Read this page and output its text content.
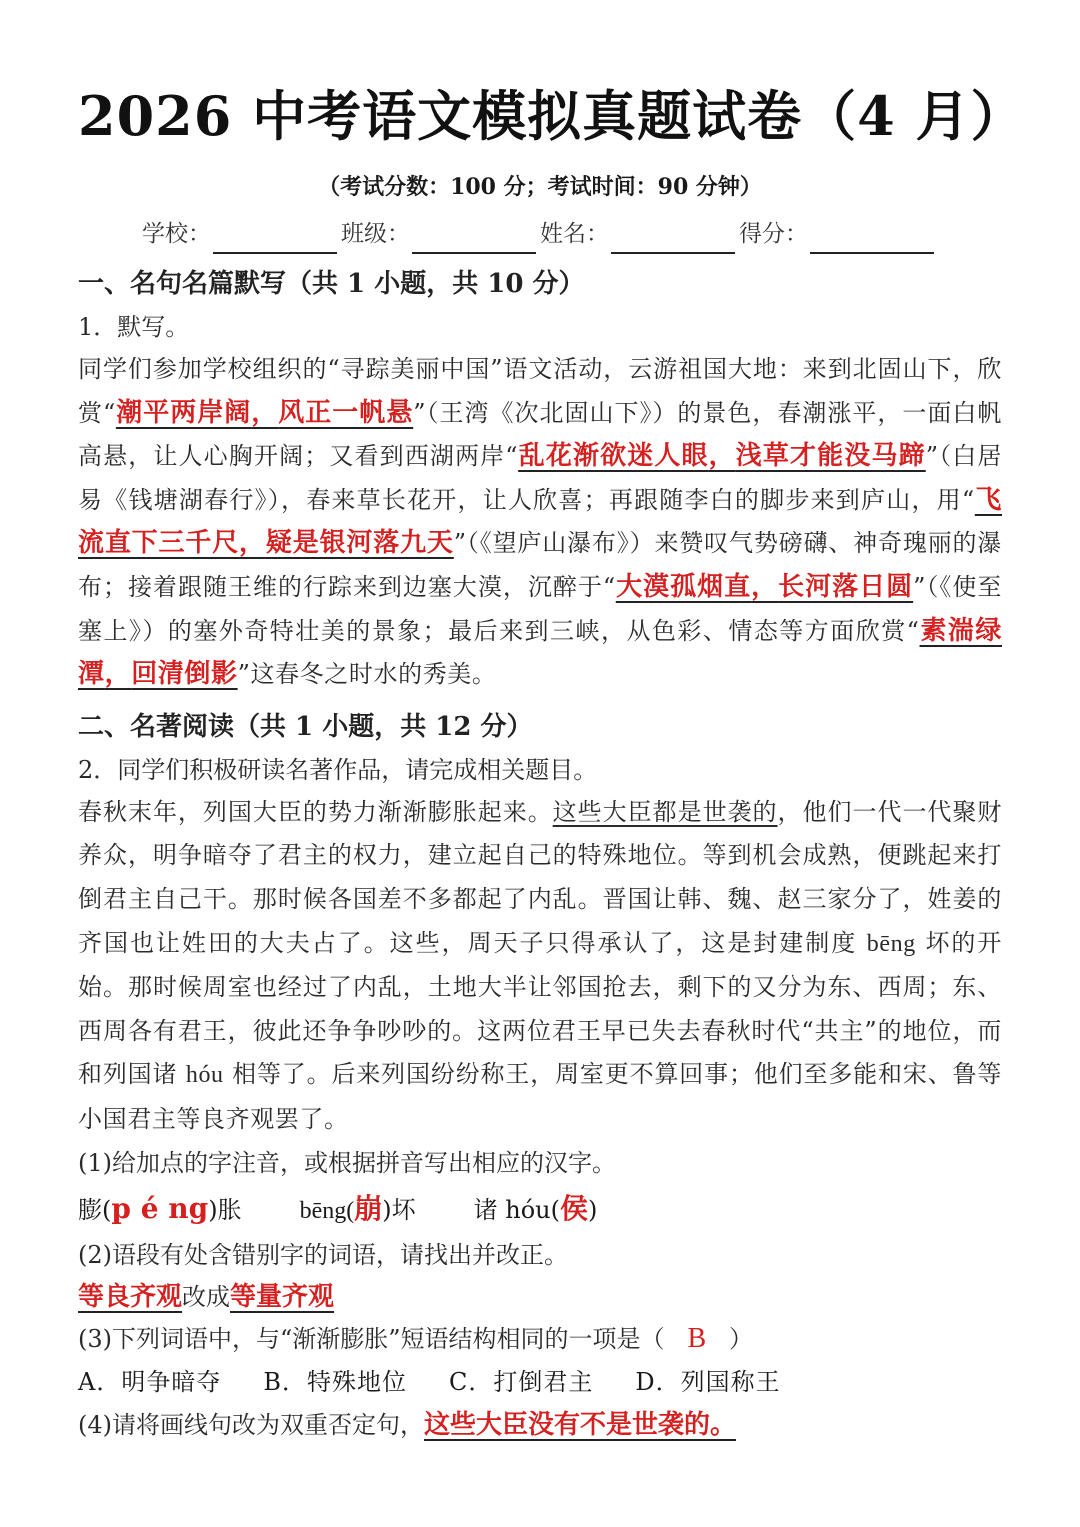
2026 中考语文模拟真题试卷（4 月）
（考试分数：100 分；考试时间：90 分钟）
学校：	班级：	姓名：	得分：
一、名句名篇默写（共 1 小题，共 10 分）
1．默写。
同学们参加学校组织的“寻踪美丽中国”语文活动，云游祖国大地：来到北固山下，欣赏“潮平两岸阔，风正一帆悬”（王湾《次北固山下》）的景色，春潮涨平，一面白帆高悬，让人心胸开阔；又看到西湖两岸“乱花渐欲迷人眼，浅草才能没马蹄”（白居易《钱塘湖春行》），春来草长花开，让人欣喜；再跟随李白的脚步来到庐山，用“飞流直下三千尺，疑是银河落九天”（《望庐山瀑布》）来赞叹气势磅礴、神奇瑰丽的瀑布；接着跟随王维的行踪来到边塞大漠，沉醉于“大漠孤烟直，长河落日圆”（《使至塞上》）的塞外奇特壮美的景象；最后来到三峡，从色彩、情态等方面欣赏“素湍绿潭，回清倒影”这春冬之时水的秀美。
二、名著阅读（共 1 小题，共 12 分）
2．同学们积极研读名著作品，请完成相关题目。
春秋末年，列国大臣的势力渐渐膨胀起来。这些大臣都是世袭的，他们一代一代聚财养众，明争暗夺了君主的权力，建立起自己的特殊地位。等到机会成熟，便跳起来打倒君主自己干。那时候各国差不多都起了内乱。晋国让韩、魏、赵三家分了，姓姜的齐国也让姓田的大夫占了。这些，周天子只得承认了，这是封建制度 bēng 坏的开始。那时候周室也经过了内乱，土地大半让邻国抢去，剩下的又分为东、西周；东、西周各有君王，彼此还争争吵吵的。这两位君王早已失去春秋时代“共主”的地位，而和列国诸 hóu 相等了。后来列国纷纷称王，周室更不算回事；他们至多能和宋、鲁等小国君主等良齐观罢了。
(1)给加点的字注音，或根据拼音写出相应的汉字。
膨(p é ng)胀 bēng(崩)坏 诸 hóu(侯)
(2)语段有处含错别字的词语，请找出并改正。
等良齐观改成等量齐观
(3)下列词语中，与“渐渐膨胀”短语结构相同的一项是（ B ）
A．明争暗夺 B．特殊地位 C．打倒君主 D．列国称王
(4)请将画线句改为双重否定句，这些大臣没有不是世袭的。
